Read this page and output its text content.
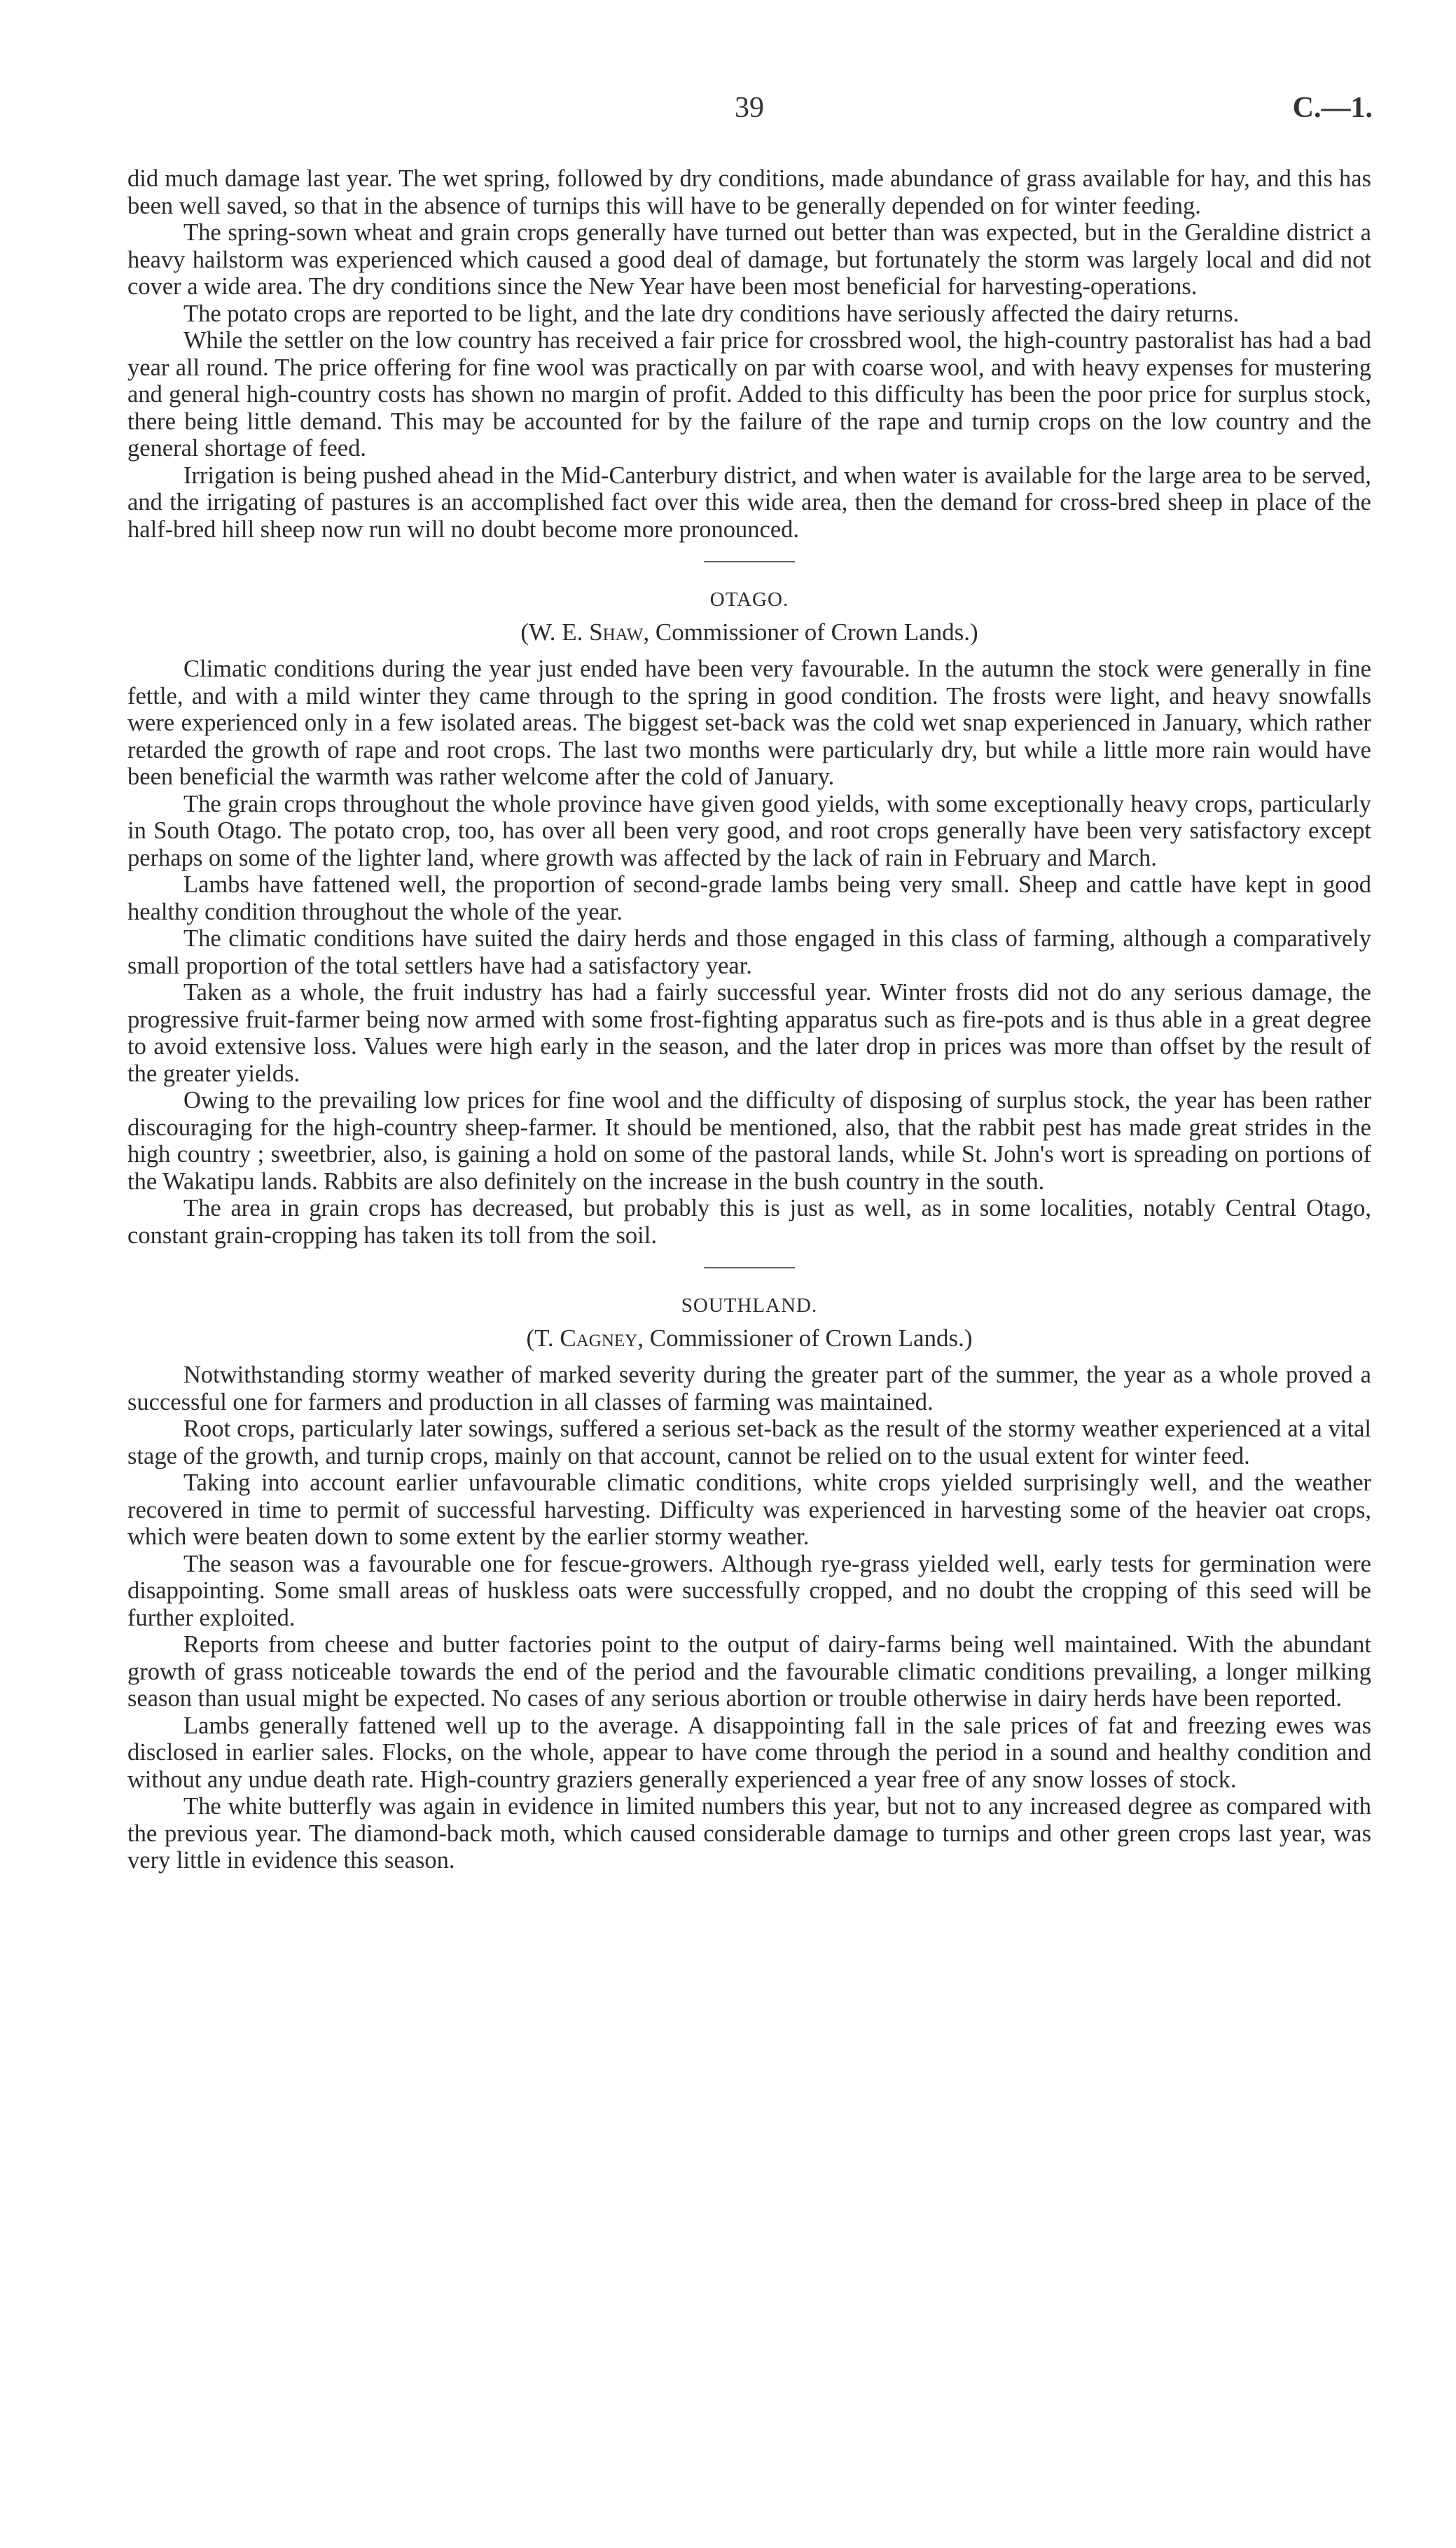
39	C.—1.

did much damage last year. The wet spring, followed by dry conditions, made abundance of grass available for hay, and this has been well saved, so that in the absence of turnips this will have to be generally depended on for winter feeding.

The spring-sown wheat and grain crops generally have turned out better than was expected, but in the Geraldine district a heavy hailstorm was experienced which caused a good deal of damage, but fortunately the storm was largely local and did not cover a wide area. The dry conditions since the New Year have been most beneficial for harvesting-operations.

The potato crops are reported to be light, and the late dry conditions have seriously affected the dairy returns.

While the settler on the low country has received a fair price for crossbred wool, the high-country pastoralist has had a bad year all round. The price offering for fine wool was practically on par with coarse wool, and with heavy expenses for mustering and general high-country costs has shown no margin of profit. Added to this difficulty has been the poor price for surplus stock, there being little demand. This may be accounted for by the failure of the rape and turnip crops on the low country and the general shortage of feed.

Irrigation is being pushed ahead in the Mid-Canterbury district, and when water is available for the large area to be served, and the irrigating of pastures is an accomplished fact over this wide area, then the demand for cross-bred sheep in place of the half-bred hill sheep now run will no doubt become more pronounced.

OTAGO.
(W. E. Shaw, Commissioner of Crown Lands.)

Climatic conditions during the year just ended have been very favourable. In the autumn the stock were generally in fine fettle, and with a mild winter they came through to the spring in good condition. The frosts were light, and heavy snowfalls were experienced only in a few isolated areas. The biggest set-back was the cold wet snap experienced in January, which rather retarded the growth of rape and root crops. The last two months were particularly dry, but while a little more rain would have been beneficial the warmth was rather welcome after the cold of January.

The grain crops throughout the whole province have given good yields, with some exceptionally heavy crops, particularly in South Otago. The potato crop, too, has over all been very good, and root crops generally have been very satisfactory except perhaps on some of the lighter land, where growth was affected by the lack of rain in February and March.

Lambs have fattened well, the proportion of second-grade lambs being very small. Sheep and cattle have kept in good healthy condition throughout the whole of the year.

The climatic conditions have suited the dairy herds and those engaged in this class of farming, although a comparatively small proportion of the total settlers have had a satisfactory year.

Taken as a whole, the fruit industry has had a fairly successful year. Winter frosts did not do any serious damage, the progressive fruit-farmer being now armed with some frost-fighting apparatus such as fire-pots and is thus able in a great degree to avoid extensive loss. Values were high early in the season, and the later drop in prices was more than offset by the result of the greater yields.

Owing to the prevailing low prices for fine wool and the difficulty of disposing of surplus stock, the year has been rather discouraging for the high-country sheep-farmer. It should be mentioned, also, that the rabbit pest has made great strides in the high country ; sweetbrier, also, is gaining a hold on some of the pastoral lands, while St. John's wort is spreading on portions of the Wakatipu lands. Rabbits are also definitely on the increase in the bush country in the south.

The area in grain crops has decreased, but probably this is just as well, as in some localities, notably Central Otago, constant grain-cropping has taken its toll from the soil.

SOUTHLAND.
(T. Cagney, Commissioner of Crown Lands.)

Notwithstanding stormy weather of marked severity during the greater part of the summer, the year as a whole proved a successful one for farmers and production in all classes of farming was maintained.

Root crops, particularly later sowings, suffered a serious set-back as the result of the stormy weather experienced at a vital stage of the growth, and turnip crops, mainly on that account, cannot be relied on to the usual extent for winter feed.

Taking into account earlier unfavourable climatic conditions, white crops yielded surprisingly well, and the weather recovered in time to permit of successful harvesting. Difficulty was experienced in harvesting some of the heavier oat crops, which were beaten down to some extent by the earlier stormy weather.

The season was a favourable one for fescue-growers. Although rye-grass yielded well, early tests for germination were disappointing. Some small areas of huskless oats were successfully cropped, and no doubt the cropping of this seed will be further exploited.

Reports from cheese and butter factories point to the output of dairy-farms being well maintained. With the abundant growth of grass noticeable towards the end of the period and the favourable climatic conditions prevailing, a longer milking season than usual might be expected. No cases of any serious abortion or trouble otherwise in dairy herds have been reported.

Lambs generally fattened well up to the average. A disappointing fall in the sale prices of fat and freezing ewes was disclosed in earlier sales. Flocks, on the whole, appear to have come through the period in a sound and healthy condition and without any undue death rate. High-country graziers generally experienced a year free of any snow losses of stock.

The white butterfly was again in evidence in limited numbers this year, but not to any increased degree as compared with the previous year. The diamond-back moth, which caused considerable damage to turnips and other green crops last year, was very little in evidence this season.
